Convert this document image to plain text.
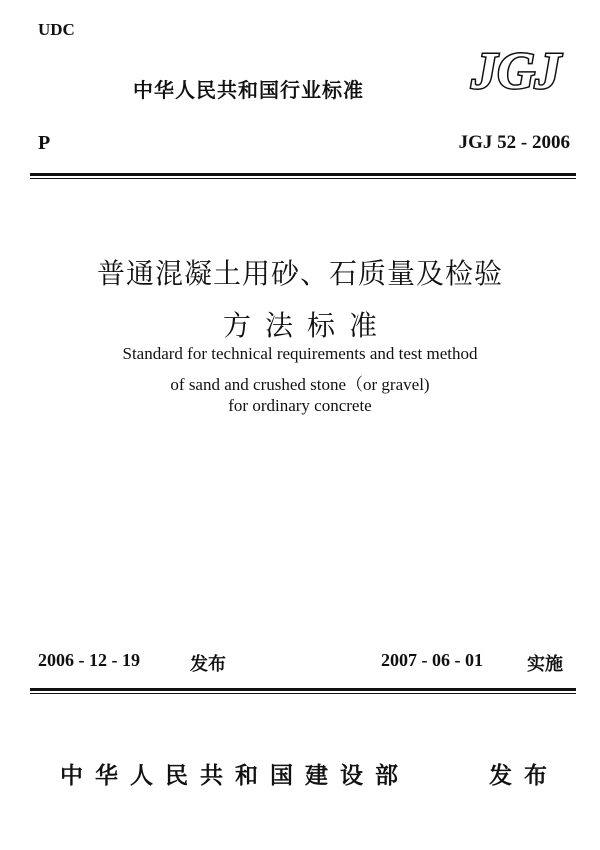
UDC
中华人民共和国行业标准 JGJ
P	JGJ 52 - 2006
普通混凝土用砂、石质量及检验
方法标准
Standard for technical requirements and test method
of sand and crushed stone（or gravel)
for ordinary concrete
2006 - 12 - 19	发布	2007 - 06 - 01 实施
中华人民共和国建设部	发布
